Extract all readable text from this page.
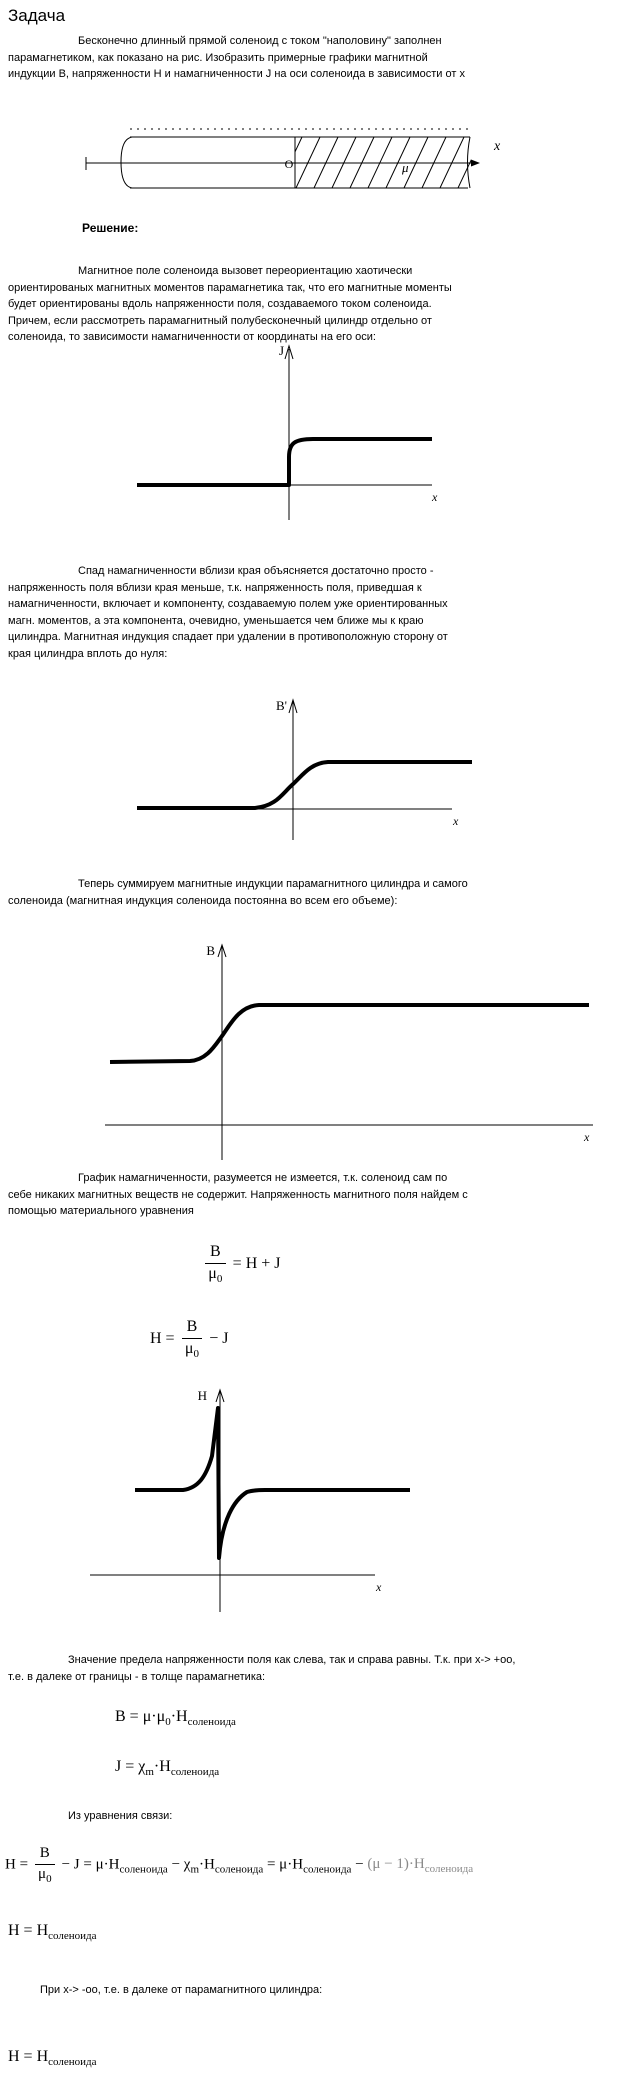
Задача
Бесконечно длинный прямой соленоид с током "наполовину" заполнен парамагнетиком, как показано на рис. Изобразить примерные графики магнитной индукции B, напряженности H и намагниченности J на оси соленоида в зависимости от x
O	μ
x
Решение:
Магнитное поле соленоида вызовет переориентацию хаотически ориентированых магнитных моментов парамагнетика так, что его магнитные моменты будет ориентированы вдоль напряженности поля, создаваемого током соленоида. Причем, если рассмотреть парамагнитный полубесконечный цилиндр отдельно от соленоида, то зависимости намагниченности от координаты на его оси:
J
x
Спад намагниченности вблизи края объясняется достаточно просто - напряженность поля вблизи края меньше, т.к. напряженность поля, приведшая к намагниченности, включает и компоненту, создаваемую полем уже ориентированных магн. моментов, а эта компонента, очевидно, уменьшается чем ближе мы к краю цилиндра. Магнитная индукция спадает при удалении в противоположную сторону от края цилиндра вплоть до нуля:
B'
x
Теперь суммируем магнитные индукции парамагнитного цилиндра и самого соленоида (магнитная индукция соленоида постоянна во всем его объеме):
B
x
График намагниченности, разумеется не измеется, т.к. соленоид сам по себе никаких магнитных веществ не содержит. Напряженность магнитного поля найдем с помощью материального уравнения
$\frac{B}{\mu_0} = H + J$
$H = \frac{B}{\mu_0} - J$
H
x
Значение предела напряженности поля как слева, так и справа равны. Т.к. при x-> +оо, т.е. в далеке от границы - в толще парамагнетика:
$B = \mu\cdot\mu_0\cdot H_{соленоида}$
$J = \chi_m\cdot H_{соленоида}$
Из уравнения связи:
$H = \frac{B}{\mu_0} - J = \mu\cdot H_{соленоида} - \chi_m\cdot H_{соленоида} = \mu\cdot H_{соленоида} - (\mu - 1)\cdot H_{соленоида}$
$H = H_{соленоида}$
При x-> -оо, т.е. в далеке от парамагнитного цилиндра:
$H = H_{соленоида}$
